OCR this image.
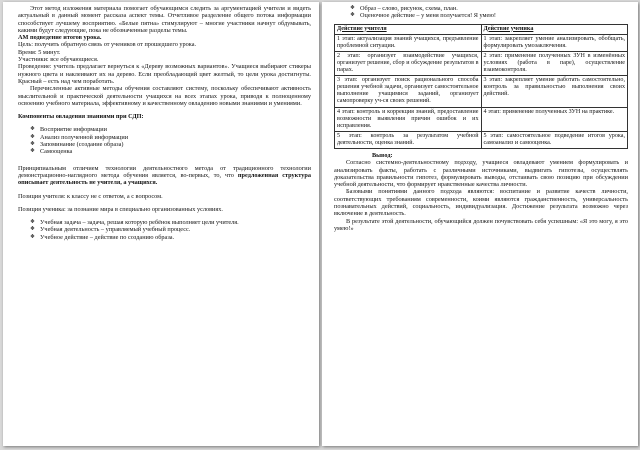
Этот метод изложения материала помогает обучающимся следить за аргументацией учителя и видеть актуальный в данный момент рассказа аспект темы. Отчетливое разделение общего потока информации способствует лучшему восприятию. «Белые пятна» стимулируют – многие участники начнут обдумывать, какими будут следующие, пока не обозначенные разделы темы.

АМ подведение итогов урока.

Цель: получить обратную связь от учеников от прошедшего урока.

Время: 5 минут.

Участники: все обучающиеся.

Проведение: учитель предлагает вернуться к «Дереву возможных вариантов». Учащиеся выбирают стикеры нужного цвета и наклеивают их на дерево. Если преобладающий цвет желтый, то цели урока достигнуты. Красный – есть над чем поработать.

Перечисленные активные методы обучения составляют систему, поскольку обеспечивают активность мыслительной и практической деятельности учащихся на всех этапах урока, приводя к полноценному освоению учебного материала, эффективному и качественному овладению новыми знаниями и умениями.

Компоненты овладения знаниями при СДП:

❖ Восприятие информации
❖ Анализ полученной информации
❖ Запоминание (создание образа)
❖ Самооценка

Принципиальным отличием технологии деятельностного метода от традиционного технологии демонстрационно-наглядного метода обучения является, во-первых, то, что предложенная структура описывает деятельность не учителя, а учащихся.

Позиция учителя: к классу не с ответом, а с вопросом.

Позиция ученика: за познание мира в специально организованных условиях.

❖ Учебная задача – задача, решая которую ребёнок выполняет цели учителя.
❖ Учебная деятельность – управляемый учебный процесс.
❖ Учебное действие – действие по созданию образа.
❖ Образ – слово, рисунок, схема, план.
❖ Оценочное действие – у меня получается! Я умею!
Действие учителя	Действие ученика
1 этап: актуализация знаний учащихся, предъявление проблемной ситуации.	1 этап: закрепляет умение анализировать, обобщать, формулировать умозаключения.
2 этап: организует взаимодействие учащихся, организует решение, сбор и обсуждение результатов в парах.	2 этап: применение полученных ЗУН в изменённых условиях (работа в паре), осуществление взаимоконтроля.
3 этап: организует поиск рационального способа решения учебной задачи, организует самостоятельное выполнение учащимися заданий, организует самопроверку уч-ся своих решений.	3 этап: закрепляет умение работать самостоятельно, контроль за правильностью выполнения своих действий.
4 этап: контроль и коррекция знаний, предоставление возможности выявления причин ошибок и их исправления.	4 этап: применение полученных ЗУН на практике.
5 этап: контроль за результатом учебной деятельности, оценка знаний.	5 этап: самостоятельное подведение итогов урока, самоанализ и самооценка.

Вывод:

Согласно системно-деятельностному подходу, учащиеся овладевают умением формулировать и анализировать факты, работать с различными источниками, выдвигать гипотезы, осуществлять доказательства правильности гипотез, формулировать выводы, отстаивать свою позицию при обсуждении учебной деятельности, что формирует нравственные качества личности.

Базовыми понятиями данного подхода являются: воспитание и развитие качеств личности, соответствующих требованиям современности, коими являются гражданственность, универсальность познавательных действий, социальность, индивидуализация. Достижение результата возможно через включение в деятельность.

В результате этой деятельности, обучающийся должен почувствовать себя успешным: «Я это могу, я это умею!»
